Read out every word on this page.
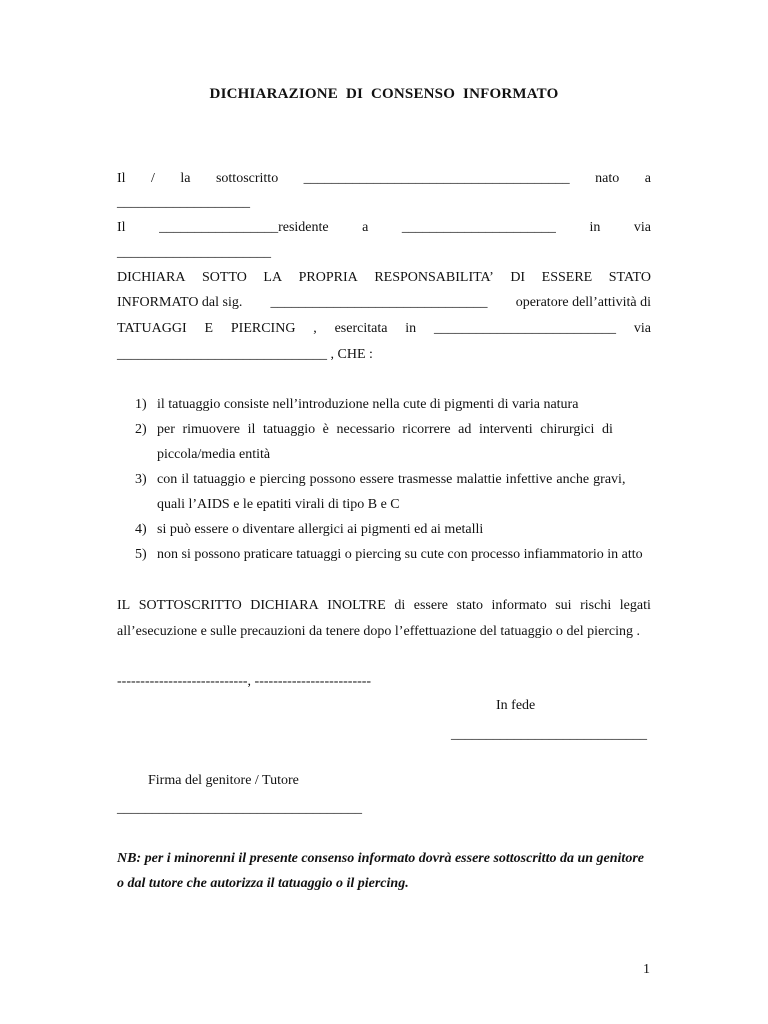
DICHIARAZIONE DI CONSENSO INFORMATO
Il / la sottoscritto ______________________________________ nato a
___________________
Il _________________residente a ______________________ in via
______________________
DICHIARA SOTTO LA PROPRIA RESPONSABILITA’ DI ESSERE STATO
INFORMATO dal sig. _______________________________ operatore dell’attività di
TATUAGGI E PIERCING , esercitata in __________________________ via
______________________________ , CHE :
1) il tatuaggio consiste nell’introduzione nella cute di pigmenti di varia natura
2) per rimuovere il tatuaggio è necessario ricorrere ad interventi chirurgici di
piccola/media entità
3) con il tatuaggio e piercing possono essere trasmesse malattie infettive anche gravi,
quali l’AIDS e le epatiti virali di tipo B e C
4) si può essere o diventare allergici ai pigmenti ed ai metalli
5) non si possono praticare tatuaggi o piercing su cute con processo infiammatorio in atto
IL SOTTOSCRITTO DICHIARA INOLTRE di essere stato informato sui rischi legati
all’esecuzione e sulle precauzioni da tenere dopo l’effettuazione del tatuaggio o del piercing .
----------------------------, -------------------------
In fede
____________________________
Firma del genitore / Tutore
___________________________________
NB: per i minorenni il presente consenso informato dovrà essere sottoscritto da un genitore
o dal tutore che autorizza il tatuaggio o il piercing.
1
